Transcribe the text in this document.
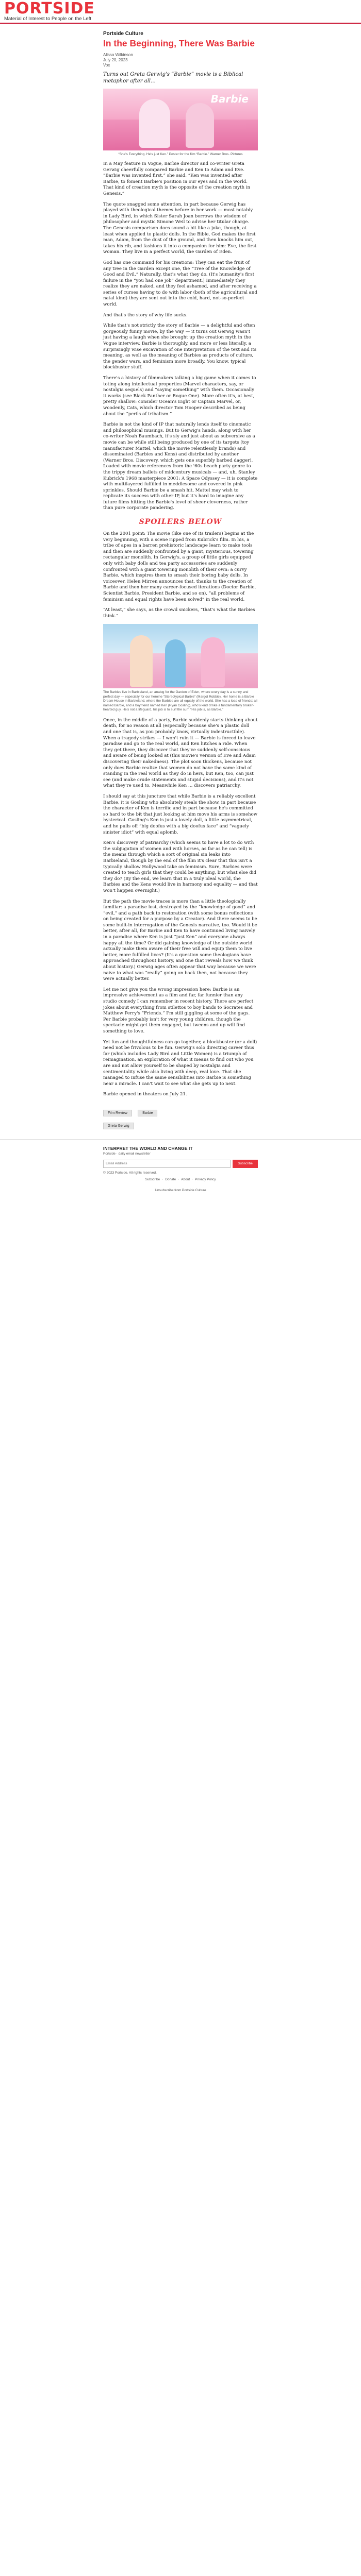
PORTSIDE
Material of Interest to People on the Left
Portside Culture
In the Beginning, There Was Barbie
Alissa Wilkinson
July 20, 2023
Vox
Turns out Greta Gerwig's “Barbie” movie is a Biblical metaphor after all...
Barbie
“She's Everything. He's just Ken.” Poster for the film “Barbie.” Warner Bros. Pictures

In a May feature in Vogue, Barbie director and co-writer Greta Gerwig cheerfully compared Barbie and Ken to Adam and Eve. “Barbie was invented first,” she said. “Ken was invented after Barbie, to foment Barbie's position in our eyes and in the world. That kind of creation myth is the opposite of the creation myth in Genesis.”

The quote snagged some attention, in part because Gerwig has played with theological themes before in her work — most notably in Lady Bird, in which Sister Sarah Joan borrows the wisdom of philosopher and mystic Simone Weil to advise her titular charge. The Genesis comparison does sound a bit like a joke, though, at least when applied to plastic dolls. In the Bible, God makes the first man, Adam, from the dust of the ground, and then knocks him out, takes his rib, and fashions it into a companion for him: Eve, the first woman. They live in a perfect world, the Garden of Eden.

God has one command for his creations: They can eat the fruit of any tree in the Garden except one, the “Tree of the Knowledge of Good and Evil.” Naturally, that's what they do. (It's humanity's first failure in the “you had one job” department.) Immediately they realize they are naked, and they feel ashamed, and after receiving a series of curses having to do with labor (both of the agricultural and natal kind) they are sent out into the cold, hard, not-so-perfect world.

And that's the story of why life sucks.

While that's not strictly the story of Barbie — a delightful and often gorgeously funny movie, by the way — it turns out Gerwig wasn't just having a laugh when she brought up the creation myth in the Vogue interview. Barbie is thoroughly, and more or less literally, a surprisingly wise excavation of one interpretation of the text and its meaning, as well as the meaning of Barbies as products of culture, the gender wars, and feminism more broadly. You know, typical blockbuster stuff.

There's a history of filmmakers talking a big game when it comes to toting along intellectual properties (Marvel characters, say, or nostalgia sequels) and “saying something” with them. Occasionally it works (see Black Panther or Rogue One). More often it's, at best, pretty shallow: consider Ocean's Eight or Captain Marvel, or, woodenly, Cats, which director Tom Hooper described as being about the “perils of tribalism.”

Barbie is not the kind of IP that naturally lends itself to cinematic and philosophical musings. But to Gerwig's hands, along with her co-writer Noah Baumbach, it's sly and just about as subversive as a movie can be while still being produced by one of its targets (toy manufacturer Mattel, which the movie relentlessly brands) and disseminated (Barbies and Kens) and distributed by another (Warner Bros. Discovery, which gets one superbly barbed dagger). Loaded with movie references from the '60s beach party genre to the trippy dream ballets of midcentury musicals — and, uh, Stanley Kubrick's 1968 masterpiece 2001: A Space Odyssey — it is complete with multilayered fulfilled in meddlesome and covered in pink sprinkles. Should Barbie be a smash hit, Mattel may wish to replicate its success with other IP, but it's hard to imagine any future films hitting the Barbie's level of sheer cleverness, rather than pure corporate pandering.

SPOILERS BELOW

On the 2001 point: The movie (like one of its trailers) begins at the very beginning, with a scene ripped from Kubrick's film. In his, a tribe of apes in a barren prehistoric landscape learn to make tools and then are suddenly confronted by a giant, mysterious, towering rectangular monolith. In Gerwig's, a group of little girls equipped only with baby dolls and tea party accessories are suddenly confronted with a giant towering monolith of their own: a curvy Barbie, which inspires them to smash their boring baby dolls. In voiceover, Helen Mirren announces that, thanks to the creation of Barbie and then her many career-focused iterations (Doctor Barbie, Scientist Barbie, President Barbie, and so on), “all problems of feminism and equal rights have been solved” in the real world.

“At least,” she says, as the crowd snickers, “that's what the Barbies think.”

The Barbies live in Barbieland, an analog for the Garden of Eden, where every day is a sunny and perfect day — especially for our heroine “Stereotypical Barbie” (Margot Robbie). Her home is a Barbie Dream House in Barbieland, where the Barbies are all equally of the world. She has a load of friends: all named Barbie, and a boyfriend named Ken (Ryan Gosling), who's kind of like a fundamentally broken-hearted guy. He's not a lifeguard, his job is to surf the surf. “His job is, as Barbie.”

Once, in the middle of a party, Barbie suddenly starts thinking about death, for no reason at all (especially because she's a plastic doll and one that is, as you probably know, virtually indestructible). When a tragedy strikes — I won't ruin it — Barbie is forced to leave paradise and go to the real world, and Ken hitches a ride. When they get there, they discover that they've suddenly self-conscious and aware of being looked at (this movie's version of Eve and Adam discovering their nakedness). The plot soon thickens, because not only does Barbie realize that women do not have the same kind of standing in the real world as they do in hers, but Ken, too, can just see (and make crude statements and stupid decisions), and it's not what they're used to. Meanwhile Ken … discovers patriarchy.

I should say at this juncture that while Barbie is a reliably excellent Barbie, it is Gosling who absolutely steals the show, in part because the character of Ken is terrific and in part because he's committed so hard to the bit that just looking at him move his arms is somehow hysterical. Gosling's Ken is just a lovely doll, a little asymmetrical, and he pulls off “big doofus with a big doofus face” and “vaguely sinister idiot” with equal aplomb.

Ken's discovery of patriarchy (which seems to have a lot to do with the subjugation of women and with horses, as far as he can tell) is the means through which a sort of original sin leaks into Barbieland, though by the end of the film it's clear that this isn't a typically shallow Hollywood take on feminism. Sure, Barbies were created to teach girls that they could be anything, but what else did they do? (By the end, we learn that in a truly ideal world, the Barbies and the Kens would live in harmony and equality — and that won't happen overnight.)

But the path the movie traces is more than a little theologically familiar: a paradise lost, destroyed by the “knowledge of good” and “evil,” and a path back to restoration (with some bonus reflections on being created for a purpose by a Creator). And there seems to be some built-in interrogation of the Genesis narrative, too. Would it be better, after all, for Barbie and Ken to have continued living naively in a paradise where Ken is just “just Ken” and everyone always happy all the time? Or did gaining knowledge of the outside world actually make them aware of their free will and equip them to live better, more fulfilled lives? (It's a question some theologians have approached throughout history, and one that reveals how we think about history.) Gerwig ages often appear that way because we were naive to what was “really” going on back then, not because they were actually better.

Let me not give you the wrong impression here: Barbie is an impressive achievement as a film and far, far funnier than any studio comedy I can remember in recent history. There are perfect jokes about everything from stilettos to boy bands to Socrates and Matthew Perry's “Friends.” I'm still giggling at some of the gags. Per Barbie probably isn't for very young children, though the spectacle might get them engaged, but tweens and up will find something to love.

Yet fun and thoughtfulness can go together, a blockbuster (or a doll) need not be frivolous to be fun. Gerwig's solo directing career thus far (which includes Lady Bird and Little Women) is a triumph of reimagination, an exploration of what it means to find out who you are and not allow yourself to be shaped by nostalgia and sentimentality while also living with deep, real love. That she managed to infuse the same sensibilities into Barbie is something near a miracle. I can't wait to see what she gets up to next.

Barbie opened in theaters on July 21.

Film Review	Barbie
Greta Gerwig
INTERPRET THE WORLD AND CHANGE IT
Portside · daily email newsletter
Email Address
Subscribe
© 2023 Portside. All rights reserved.
Subscribe · Donate · About · Privacy Policy
Unsubscribe from Portside Culture
